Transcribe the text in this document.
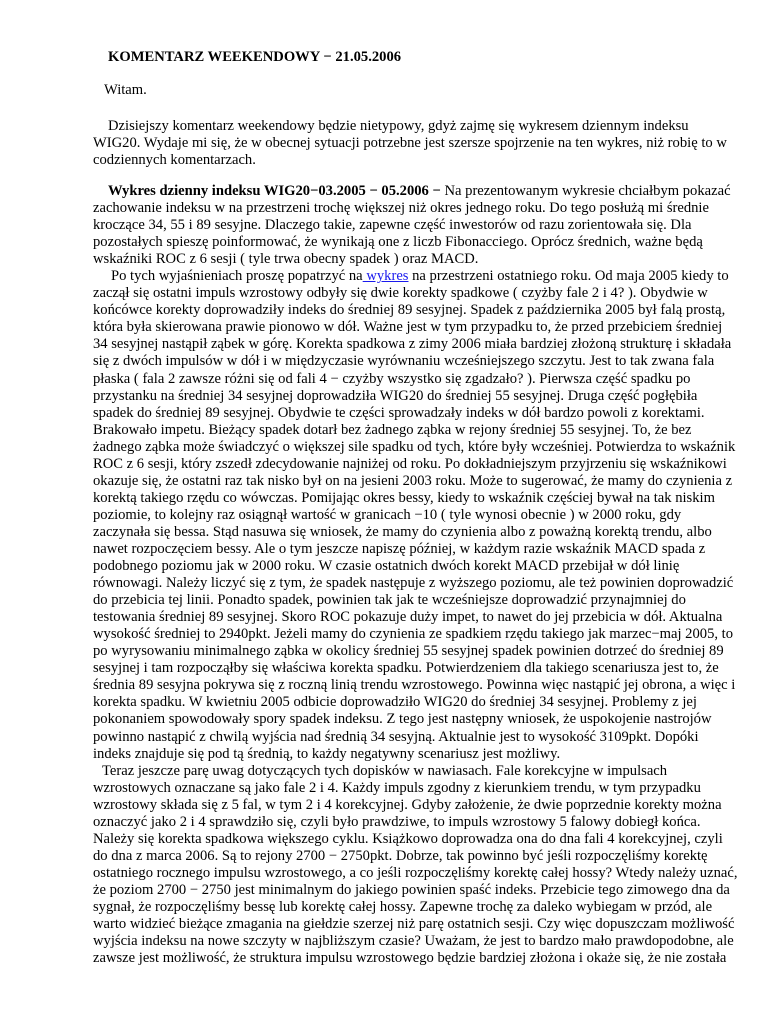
KOMENTARZ WEEKENDOWY − 21.05.2006

Witam.

Dzisiejszy komentarz weekendowy będzie nietypowy, gdyż zajmę się wykresem dziennym indeksu
WIG20. Wydaje mi się, że w obecnej sytuacji potrzebne jest szersze spojrzenie na ten wykres, niż robię to w
codziennych komentarzach.
Wykres dzienny indeksu WIG20−03.2005 − 05.2006 − Na prezentowanym wykresie chciałbym pokazać
zachowanie indeksu w na przestrzeni trochę większej niż okres jednego roku. Do tego posłużą mi średnie
kroczące 34, 55 i 89 sesyjne. Dlaczego takie, zapewne część inwestorów od razu zorientowała się. Dla
pozostałych spieszę poinformować, że wynikają one z liczb Fibonacciego. Oprócz średnich, ważne będą
wskaźniki ROC z 6 sesji ( tyle trwa obecny spadek ) oraz MACD.
Po tych wyjaśnieniach proszę popatrzyć na wykres na przestrzeni ostatniego roku. Od maja 2005 kiedy to
zaczął się ostatni impuls wzrostowy odbyły się dwie korekty spadkowe ( czyżby fale 2 i 4? ). Obydwie w
końcówce korekty doprowadziły indeks do średniej 89 sesyjnej. Spadek z października 2005 był falą prostą,
która była skierowana prawie pionowo w dół. Ważne jest w tym przypadku to, że przed przebiciem średniej
34 sesyjnej nastąpił ząbek w górę. Korekta spadkowa z zimy 2006 miała bardziej złożoną strukturę i składała
się z dwóch impulsów w dół i w międzyczasie wyrównaniu wcześniejszego szczytu. Jest to tak zwana fala
płaska ( fala 2 zawsze różni się od fali 4 − czyżby wszystko się zgadzało? ). Pierwsza część spadku po
przystanku na średniej 34 sesyjnej doprowadziła WIG20 do średniej 55 sesyjnej. Druga część pogłębiła
spadek do średniej 89 sesyjnej. Obydwie te części sprowadzały indeks w dół bardzo powoli z korektami.
Brakowało impetu. Bieżący spadek dotarł bez żadnego ząbka w rejony średniej 55 sesyjnej. To, że bez
żadnego ząbka może świadczyć o większej sile spadku od tych, które były wcześniej. Potwierdza to wskaźnik
ROC z 6 sesji, który zszedł zdecydowanie najniżej od roku. Po dokładniejszym przyjrzeniu się wskaźnikowi
okazuje się, że ostatni raz tak nisko był on na jesieni 2003 roku. Może to sugerować, że mamy do czynienia z
korektą takiego rzędu co wówczas. Pomijając okres bessy, kiedy to wskaźnik częściej bywał na tak niskim
poziomie, to kolejny raz osiągnął wartość w granicach −10 ( tyle wynosi obecnie ) w 2000 roku, gdy
zaczynała się bessa. Stąd nasuwa się wniosek, że mamy do czynienia albo z poważną korektą trendu, albo
nawet rozpoczęciem bessy. Ale o tym jeszcze napiszę później, w każdym razie wskaźnik MACD spada z
podobnego poziomu jak w 2000 roku. W czasie ostatnich dwóch korekt MACD przebijał w dół linię
równowagi. Należy liczyć się z tym, że spadek następuje z wyższego poziomu, ale też powinien doprowadzić
do przebicia tej linii. Ponadto spadek, powinien tak jak te wcześniejsze doprowadzić przynajmniej do
testowania średniej 89 sesyjnej. Skoro ROC pokazuje duży impet, to nawet do jej przebicia w dół. Aktualna
wysokość średniej to 2940pkt. Jeżeli mamy do czynienia ze spadkiem rzędu takiego jak marzec−maj 2005, to
po wyrysowaniu minimalnego ząbka w okolicy średniej 55 sesyjnej spadek powinien dotrzeć do średniej 89
sesyjnej i tam rozpocząłby się właściwa korekta spadku. Potwierdzeniem dla takiego scenariusza jest to, że
średnia 89 sesyjna pokrywa się z roczną linią trendu wzrostowego. Powinna więc nastąpić jej obrona, a więc i
korekta spadku. W kwietniu 2005 odbicie doprowadziło WIG20 do średniej 34 sesyjnej. Problemy z jej
pokonaniem spowodowały spory spadek indeksu. Z tego jest następny wniosek, że uspokojenie nastrojów
powinno nastąpić z chwilą wyjścia nad średnią 34 sesyjną. Aktualnie jest to wysokość 3109pkt. Dopóki
indeks znajduje się pod tą średnią, to każdy negatywny scenariusz jest możliwy.
Teraz jeszcze parę uwag dotyczących tych dopisków w nawiasach. Fale korekcyjne w impulsach
wzrostowych oznaczane są jako fale 2 i 4. Każdy impuls zgodny z kierunkiem trendu, w tym przypadku
wzrostowy składa się z 5 fal, w tym 2 i 4 korekcyjnej. Gdyby założenie, że dwie poprzednie korekty można
oznaczyć jako 2 i 4 sprawdziło się, czyli było prawdziwe, to impuls wzrostowy 5 falowy dobiegł końca.
Należy się korekta spadkowa większego cyklu. Książkowo doprowadza ona do dna fali 4 korekcyjnej, czyli
do dna z marca 2006. Są to rejony 2700 − 2750pkt. Dobrze, tak powinno być jeśli rozpoczęliśmy korektę
ostatniego rocznego impulsu wzrostowego, a co jeśli rozpoczęliśmy korektę całej hossy? Wtedy należy uznać,
że poziom 2700 − 2750 jest minimalnym do jakiego powinien spaść indeks. Przebicie tego zimowego dna da
sygnał, że rozpoczęliśmy bessę lub korektę całej hossy. Zapewne trochę za daleko wybiegam w przód, ale
warto widzieć bieżące zmagania na giełdzie szerzej niż parę ostatnich sesji. Czy więc dopuszczam możliwość
wyjścia indeksu na nowe szczyty w najbliższym czasie? Uważam, że jest to bardzo mało prawdopodobne, ale
zawsze jest możliwość, że struktura impulsu wzrostowego będzie bardziej złożona i okaże się, że nie została
